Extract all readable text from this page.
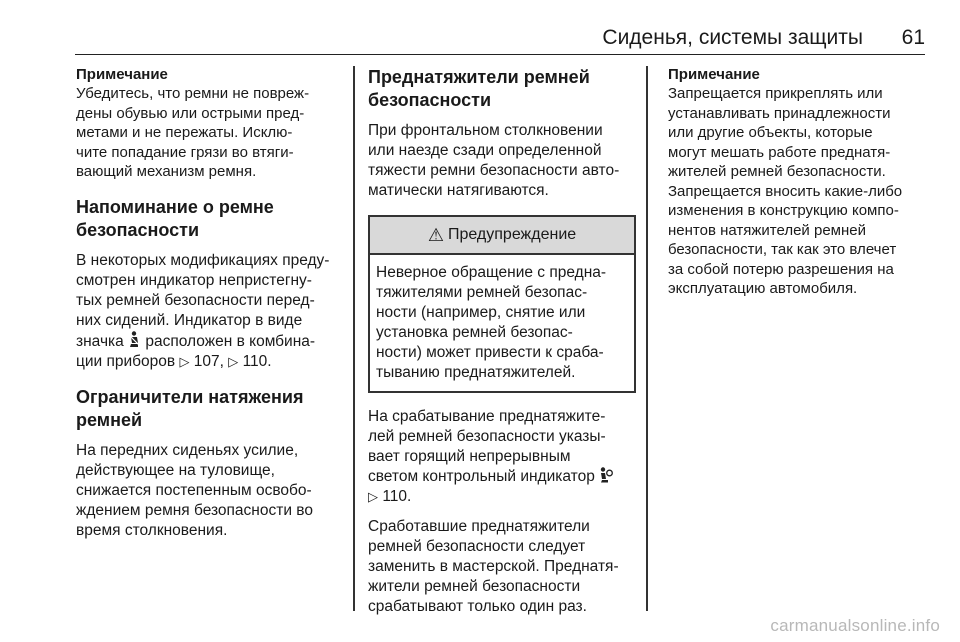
Сиденья, системы защиты 61

Примечание

Убедитесь, что ремни не повреж-
дены обувью или острыми пред-
метами и не пережаты. Исклю-
чите попадание грязи во втяги-
вающий механизм ремня.

Напоминание о ремне
безопасности

В некоторых модификациях преду-
смотрен индикатор непристегну-
тых ремней безопасности перед-
них сидений. Индикатор в виде
значка расположен в комбина-
ции приборов ▷ 107, ▷ 110.

Ограничители натяжения
ремней

На передних сиденьях усилие,
действующее на туловище,
снижается постепенным освобо-
ждением ремня безопасности во
время столкновения.

Преднатяжители ремней
безопасности

При фронтальном столкновении
или наезде сзади определенной
тяжести ремни безопасности авто-
матически натягиваются.

⚠ Предупреждение
Неверное обращение с предна-
тяжителями ремней безопас-
ности (например, снятие или
установка ремней безопас-
ности) может привести к сраба-
тыванию преднатяжителей.

На срабатывание преднатяжите-
лей ремней безопасности указы-
вает горящий непрерывным
светом контрольный индикатор
▷ 110.

Сработавшие преднатяжители
ремней безопасности следует
заменить в мастерской. Преднатя-
жители ремней безопасности
срабатывают только один раз.

Примечание

Запрещается прикреплять или
устанавливать принадлежности
или другие объекты, которые
могут мешать работе преднатя-
жителей ремней безопасности.
Запрещается вносить какие-либо
изменения в конструкцию компо-
нентов натяжителей ремней
безопасности, так как это влечет
за собой потерю разрешения на
эксплуатацию автомобиля.

carmanualsonline.info
